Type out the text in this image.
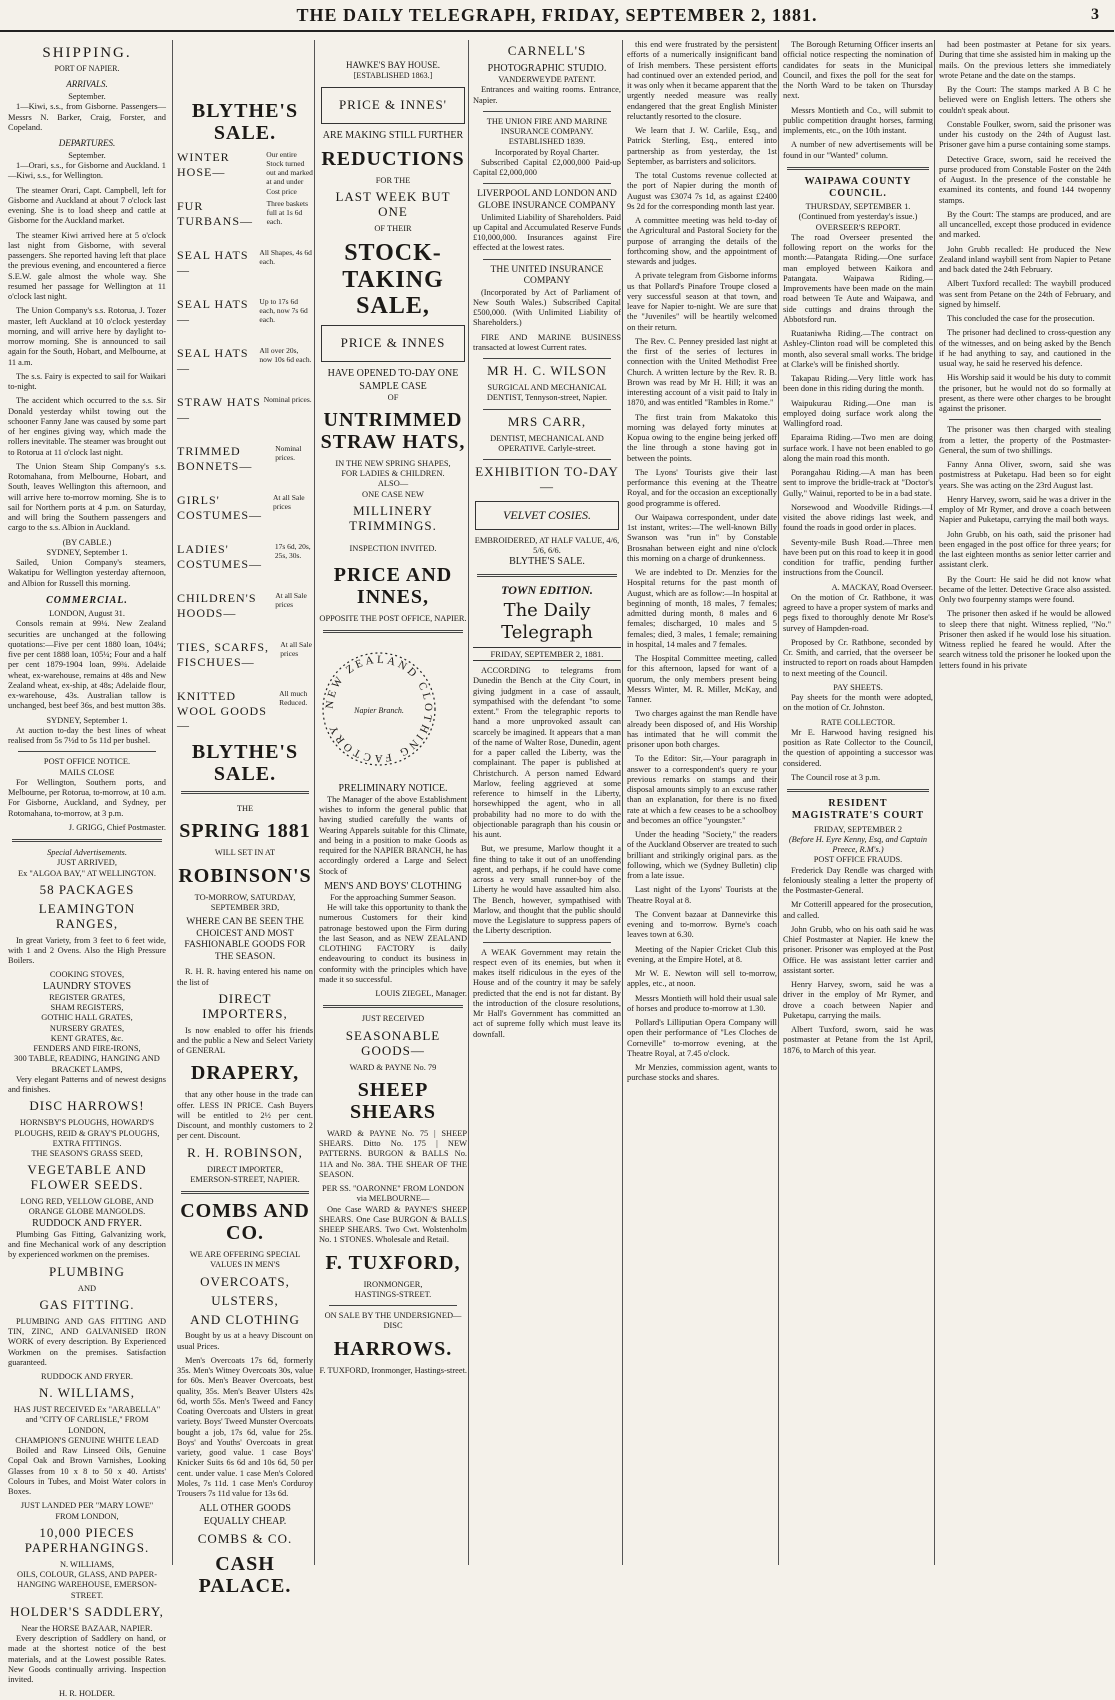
THE DAILY TELEGRAPH, FRIDAY, SEPTEMBER 2, 1881.	3
SHIPPING.
PORT OF NAPIER.
ARRIVALS.
September.

1—Kiwi, s.s., from Gisborne. Passengers—Messrs N. Barker, Craig, Forster, and Copeland.

DEPARTURES.
September.

1—Orari, s.s., for Gisborne and Auckland. 1—Kiwi, s.s., for Wellington.

The steamer Orari, Capt. Campbell, left for Gisborne and Auckland at about 7 o'clock last evening. She is to load sheep and cattle at Gisborne for the Auckland market.

The steamer Kiwi arrived here at 5 o'clock last night from Gisborne, with several passengers. She reported having left that place the previous evening, and encountered a fierce S.E.W. gale almost the whole way. She resumed her passage for Wellington at 11 o'clock last night.

The Union Company's s.s. Rotorua, J. Tozer master, left Auckland at 10 o'clock yesterday morning, and will arrive here by daylight to-morrow morning. She is announced to sail again for the South, Hobart, and Melbourne, at 11 a.m.

The s.s. Fairy is expected to sail for Waikari to-night.

The accident which occurred to the s.s. Sir Donald yesterday whilst towing out the schooner Fanny Jane was caused by some part of her engines giving way, which made the rollers inevitable. The steamer was brought out to Rotorua at 11 o'clock last night.

The Union Steam Ship Company's s.s. Rotomahana, from Melbourne, Hobart, and South, leaves Wellington this afternoon, and will arrive here to-morrow morning. She is to sail for Northern ports at 4 p.m. on Saturday, and will bring the Southern passengers and cargo to the s.s. Albion in Auckland.

(BY CABLE.)
SYDNEY, September 1.

Sailed, Union Company's steamers, Wakatipu for Wellington yesterday afternoon, and Albion for Russell this morning.

COMMERCIAL.
LONDON, August 31.

Consols remain at 99¼. New Zealand securities are unchanged at the following quotations:—Five per cent 1880 loan, 104¼; five per cent 1888 loan, 105¼; Four and a half per cent 1879-1904 loan, 99¾. Adelaide wheat, ex-warehouse, remains at 48s and New Zealand wheat, ex-ship, at 48s; Adelaide flour, ex-warehouse, 43s. Australian tallow is unchanged, best beef 36s, and best mutton 38s.

SYDNEY, September 1.

At auction to-day the best lines of wheat realised from 5s 7½d to 5s 11d per bushel.

POST OFFICE NOTICE.
MAILS CLOSE

For Wellington, Southern ports, and Melbourne, per Rotorua, to-morrow, at 10 a.m. For Gisborne, Auckland, and Sydney, per Rotomahana, to-morrow, at 3 p.m.

J. GRIGG, Chief Postmaster.
Special Advertisements.
JUST ARRIVED,
Ex "ALGOA BAY," AT WELLINGTON.
58 PACKAGES
LEAMINGTON RANGES,

In great Variety, from 3 feet to 6 feet wide, with 1 and 2 Ovens. Also the High Pressure Boilers.

COOKING STOVES,
LAUNDRY STOVES
REGISTER GRATES,
SHAM REGISTERS,
GOTHIC HALL GRATES,
NURSERY GRATES,
KENT GRATES, &c.
FENDERS AND FIRE-IRONS,
300 TABLE, READING, HANGING AND BRACKET LAMPS,

Very elegant Patterns and of newest designs and finishes.

DISC HARROWS!
HORNSBY'S PLOUGHS, HOWARD'S PLOUGHS, REID & GRAY'S PLOUGHS, EXTRA FITTINGS.
THE SEASON'S GRASS SEED,
VEGETABLE AND FLOWER SEEDS.
LONG RED, YELLOW GLOBE, AND ORANGE GLOBE MANGOLDS.
RUDDOCK AND FRYER.

Plumbing Gas Fitting, Galvanizing work, and fine Mechanical work of any description by experienced workmen on the premises.

PLUMBING
AND
GAS FITTING.

PLUMBING AND GAS FITTING AND TIN, ZINC, AND GALVANISED IRON WORK of every description. By Experienced Workmen on the premises. Satisfaction guaranteed.

RUDDOCK AND FRYER.
N. WILLIAMS,
HAS JUST RECEIVED Ex "ARABELLA" and "CITY OF CARLISLE," FROM LONDON,
CHAMPION'S GENUINE WHITE LEAD

Boiled and Raw Linseed Oils, Genuine Copal Oak and Brown Varnishes, Looking Glasses from 10 x 8 to 50 x 40. Artists' Colours in Tubes, and Moist Water colors in Boxes.

JUST LANDED PER "MARY LOWE" FROM LONDON,
10,000 PIECES PAPERHANGINGS.
N. WILLIAMS,
OILS, COLOUR, GLASS, AND PAPER-HANGING WAREHOUSE, EMERSON-STREET.
HOLDER'S SADDLERY,
Near the HORSE BAZAAR, NAPIER.

Every description of Saddlery on hand, or made at the shortest notice of the best materials, and at the Lowest possible Rates. New Goods continually arriving. Inspection invited.

H. R. HOLDER.
BLYTHE'S SALE.
WINTER HOSE—
Our entire Stock turned out and marked at and under Cost price
FUR TURBANS—
Three baskets full at 1s 6d each.
SEAL HATS—
All Shapes, 4s 6d each.
SEAL HATS—
Up to 17s 6d each, now 7s 6d each.
SEAL HATS—
All over 20s, now 10s 6d each.
STRAW HATS—
Nominal prices.
TRIMMED BONNETS—
Nominal prices.
GIRLS' COSTUMES—
At all Sale prices
LADIES' COSTUMES—
17s 6d, 20s, 25s, 30s.
CHILDREN'S HOODS—
At all Sale prices
TIES, SCARFS, FISCHUES—
At all Sale prices
KNITTED WOOL GOODS—
All much Reduced.
BLYTHE'S SALE.
THE
SPRING 1881
WILL SET IN AT
ROBINSON'S
TO-MORROW, SATURDAY, SEPTEMBER 3RD,
WHERE CAN BE SEEN THE CHOICEST AND MOST FASHIONABLE GOODS FOR THE SEASON.

R. H. R. having entered his name on the list of

DIRECT IMPORTERS,

Is now enabled to offer his friends and the public a New and Select Variety of GENERAL

DRAPERY,

that any other house in the trade can offer. LESS IN PRICE. Cash Buyers will be entitled to 2½ per cent. Discount, and monthly customers to 2 per cent. Discount.

R. H. ROBINSON,
DIRECT IMPORTER,
EMERSON-STREET, NAPIER.
COMBS AND CO.
WE ARE OFFERING SPECIAL VALUES IN MEN'S
OVERCOATS,
ULSTERS,
AND CLOTHING

Bought by us at a heavy Discount on usual Prices.

Men's Overcoats 17s 6d, formerly 35s. Men's Witney Overcoats 30s, value for 60s. Men's Beaver Overcoats, best quality, 35s. Men's Beaver Ulsters 42s 6d, worth 55s. Men's Tweed and Fancy Coating Overcoats and Ulsters in great variety. Boys' Tweed Munster Overcoats bought a job, 17s 6d, value for 25s. Boys' and Youths' Overcoats in great variety, good value. 1 case Boys' Knicker Suits 6s 6d and 10s 6d, 50 per cent. under value. 1 case Men's Colored Moles, 7s 11d. 1 case Men's Corduroy Trousers 7s 11d value for 13s 6d.

ALL OTHER GOODS EQUALLY CHEAP.
COMBS & CO.
CASH PALACE.
HAWKE'S BAY HOUSE.
[ESTABLISHED 1863.]
PRICE & INNES'
ARE MAKING STILL FURTHER
REDUCTIONS
FOR THE
LAST WEEK BUT ONE
OF THEIR
STOCK-TAKING SALE,
PRICE & INNES
HAVE OPENED TO-DAY ONE SAMPLE CASE
OF
UNTRIMMED STRAW HATS,
IN THE NEW SPRING SHAPES,
FOR LADIES & CHILDREN.
ALSO—
ONE CASE NEW
MILLINERY TRIMMINGS.
INSPECTION INVITED.
PRICE AND INNES,
OPPOSITE THE POST OFFICE, NAPIER.
NEW ZEALAND CLOTHING FACTORY
Napier Branch.
PRELIMINARY NOTICE.

The Manager of the above Establishment wishes to inform the general public that having studied carefully the wants of Wearing Apparels suitable for this Climate, and being in a position to make Goods as required for the NAPIER BRANCH, he has accordingly ordered a Large and Select Stock of

MEN'S AND BOYS' CLOTHING
For the approaching Summer Season.

He will take this opportunity to thank the numerous Customers for their kind patronage bestowed upon the Firm during the last Season, and as NEW ZEALAND CLOTHING FACTORY is daily endeavouring to conduct its business in conformity with the principles which have made it so successful.

LOUIS ZIEGEL, Manager.
JUST RECEIVED
SEASONABLE GOODS—
WARD & PAYNE No. 79
SHEEP SHEARS

WARD & PAYNE No. 75 | SHEEP SHEARS. Ditto No. 175 | NEW PATTERNS. BURGON & BALLS No. 11A and No. 38A. THE SHEAR OF THE SEASON.

PER SS. "OARONNE" FROM LONDON via MELBOURNE—

One Case WARD & PAYNE'S SHEEP SHEARS. One Case BURGON & BALLS SHEEP SHEARS. Two Cwt. Wolstenholm No. 1 STONES. Wholesale and Retail.

F. TUXFORD,
IRONMONGER,
HASTINGS-STREET.
ON SALE BY THE UNDERSIGNED—
DISC
HARROWS.
F. TUXFORD, Ironmonger, Hastings-street.
CARNELL'S
PHOTOGRAPHIC STUDIO.
VANDERWEYDE PATENT.

Entrances and waiting rooms. Entrance, Napier.

THE UNION FIRE AND MARINE INSURANCE COMPANY.
ESTABLISHED 1839.
Incorporated by Royal Charter.

Subscribed Capital £2,000,000 Paid-up Capital £2,000,000

LIVERPOOL AND LONDON AND GLOBE INSURANCE COMPANY

Unlimited Liability of Shareholders. Paid up Capital and Accumulated Reserve Funds £10,000,000. Insurances against Fire effected at the lowest rates.

THE UNITED INSURANCE COMPANY

(Incorporated by Act of Parliament of New South Wales.) Subscribed Capital £500,000. (With Unlimited Liability of Shareholders.)

FIRE AND MARINE BUSINESS transacted at lowest Current rates.

MR H. C. WILSON
SURGICAL AND MECHANICAL DENTIST, Tennyson-street, Napier.
MRS CARR,
DENTIST, MECHANICAL AND OPERATIVE. Carlyle-street.
EXHIBITION TO-DAY—
VELVET COSIES.
EMBROIDERED, AT HALF VALUE, 4/6, 5/6, 6/6.
BLYTHE'S SALE.
TOWN EDITION.
The Daily Telegraph
FRIDAY, SEPTEMBER 2, 1881.

ACCORDING to telegrams from Dunedin the Bench at the City Court, in giving judgment in a case of assault, sympathised with the defendant "to some extent." From the telegraphic reports to hand a more unprovoked assault can scarcely be imagined. It appears that a man of the name of Walter Rose, Dunedin, agent for a paper called the Liberty, was the complainant. The paper is published at Christchurch. A person named Edward Marlow, feeling aggrieved at some reference to himself in the Liberty, horsewhipped the agent, who in all probability had no more to do with the objectionable paragraph than his cousin or his aunt.

But, we presume, Marlow thought it a fine thing to take it out of an unoffending agent, and perhaps, if he could have come across a very small runner-boy of the Liberty he would have assaulted him also. The Bench, however, sympathised with Marlow, and thought that the public should move the Legislature to suppress papers of the Liberty description.

A WEAK Government may retain the respect even of its enemies, but when it makes itself ridiculous in the eyes of the House and of the country it may be safely predicted that the end is not far distant. By the introduction of the closure resolutions, Mr Hall's Government has committed an act of supreme folly which must leave its downfall.

this end were frustrated by the persistent efforts of a numerically insignificant band of Irish members. These persistent efforts had continued over an extended period, and it was only when it became apparent that the urgently needed measure was really endangered that the great English Minister reluctantly resorted to the closure.

We learn that J. W. Carlile, Esq., and Patrick Sterling, Esq., entered into partnership as from yesterday, the 1st September, as barristers and solicitors.

The total Customs revenue collected at the port of Napier during the month of August was £3074 7s 1d, as against £2400 9s 2d for the corresponding month last year.

A committee meeting was held to-day of the Agricultural and Pastoral Society for the purpose of arranging the details of the forthcoming show, and the appointment of stewards and judges.

A private telegram from Gisborne informs us that Pollard's Pinafore Troupe closed a very successful season at that town, and leave for Napier to-night. We are sure that the "Juveniles" will be heartily welcomed on their return.

The Rev. C. Penney presided last night at the first of the series of lectures in connection with the United Methodist Free Church. A written lecture by the Rev. R. B. Brown was read by Mr H. Hill; it was an interesting account of a visit paid to Italy in 1870, and was entitled "Rambles in Rome."

The first train from Makatoko this morning was delayed forty minutes at Kopua owing to the engine being jerked off the line through a stone having got in between the points.

The Lyons' Tourists give their last performance this evening at the Theatre Royal, and for the occasion an exceptionally good programme is offered.

Our Waipawa correspondent, under date 1st instant, writes:—The well-known Billy Swanson was "run in" by Constable Brosnahan between eight and nine o'clock this morning on a charge of drunkenness.

We are indebted to Dr. Menzies for the Hospital returns for the past month of August, which are as follow:—In hospital at beginning of month, 18 males, 7 females; admitted during month, 8 males and 6 females; discharged, 10 males and 5 females; died, 3 males, 1 female; remaining in hospital, 14 males and 7 females.

The Hospital Committee meeting, called for this afternoon, lapsed for want of a quorum, the only members present being Messrs Winter, M. R. Miller, McKay, and Tanner.

Two charges against the man Rendle have already been disposed of, and His Worship has intimated that he will commit the prisoner upon both charges.

To the Editor: Sir,—Your paragraph in answer to a correspondent's query re your previous remarks on stamps and their disposal amounts simply to an excuse rather than an explanation, for there is no fixed rate at which a few ceases to be a schoolboy and becomes an office "youngster."

Under the heading "Society," the readers of the Auckland Observer are treated to such brilliant and strikingly original pars. as the following, which we (Sydney Bulletin) clip from a late issue.

Last night of the Lyons' Tourists at the Theatre Royal at 8.

The Convent bazaar at Dannevirke this evening and to-morrow. Byrne's coach leaves town at 6.30.

Meeting of the Napier Cricket Club this evening, at the Empire Hotel, at 8.

Mr W. E. Newton will sell to-morrow, apples, etc., at noon.

Messrs Montieth will hold their usual sale of horses and produce to-morrow at 1.30.

Pollard's Lilliputian Opera Company will open their performance of "Les Cloches de Corneville" to-morrow evening, at the Theatre Royal, at 7.45 o'clock.

Mr Menzies, commission agent, wants to purchase stocks and shares.

The Borough Returning Officer inserts an official notice respecting the nomination of candidates for seats in the Municipal Council, and fixes the poll for the seat for the North Ward to be taken on Thursday next.

Messrs Montieth and Co., will submit to public competition draught horses, farming implements, etc., on the 10th instant.

A number of new advertisements will be found in our "Wanted" column.

WAIPAWA COUNTY COUNCIL.
THURSDAY, SEPTEMBER 1.
(Continued from yesterday's issue.)
OVERSEER'S REPORT.

The road Overseer presented the following report on the works for the month:—Patangata Riding.—One surface man employed between Kaikora and Patangata. Waipawa Riding.—Improvements have been made on the main road between Te Aute and Waipawa, and side cuttings and drains through the Abbotsford run.

Ruataniwha Riding.—The contract on Ashley-Clinton road will be completed this month, also several small works. The bridge at Clarke's will be finished shortly.

Takapau Riding.—Very little work has been done in this riding during the month.

Waipukurau Riding.—One man is employed doing surface work along the Wallingford road.

Eparaima Riding.—Two men are doing surface work. I have not been enabled to go along the main road this month.

Porangahau Riding.—A man has been sent to improve the bridle-track at "Doctor's Gully," Wainui, reported to be in a bad state.

Norsewood and Woodville Ridings.—I visited the above ridings last week, and found the roads in good order in places.

Seventy-mile Bush Road.—Three men have been put on this road to keep it in good condition for traffic, pending further instructions from the Council.

A. MACKAY, Road Overseer.

On the motion of Cr. Rathbone, it was agreed to have a proper system of marks and pegs fixed to thoroughly denote Mr Rose's survey of Hampden-road.

Proposed by Cr. Rathbone, seconded by Cr. Smith, and carried, that the overseer be instructed to report on roads about Hampden to next meeting of the Council.

PAY SHEETS.

Pay sheets for the month were adopted, on the motion of Cr. Johnston.

RATE COLLECTOR.

Mr E. Harwood having resigned his position as Rate Collector to the Council, the question of appointing a successor was considered.

The Council rose at 3 p.m.

RESIDENT MAGISTRATE'S COURT
FRIDAY, SEPTEMBER 2
(Before H. Eyre Kenny, Esq, and Captain Preece, R.M's.)
POST OFFICE FRAUDS.

Frederick Day Rendle was charged with feloniously stealing a letter the property of the Postmaster-General.

Mr Cotterill appeared for the prosecution, and called.

John Grubb, who on his oath said he was Chief Postmaster at Napier. He knew the prisoner. Prisoner was employed at the Post Office. He was assistant letter carrier and assistant sorter.

Henry Harvey, sworn, said he was a driver in the employ of Mr Rymer, and drove a coach between Napier and Puketapu, carrying the mails.

Albert Tuxford, sworn, said he was postmaster at Petane from the 1st April, 1876, to March of this year.

had been postmaster at Petane for six years. During that time she assisted him in making up the mails. On the previous letters she immediately wrote Petane and the date on the stamps.

By the Court: The stamps marked A B C he believed were on English letters. The others she couldn't speak about.

Constable Foulker, sworn, said the prisoner was under his custody on the 24th of August last. Prisoner gave him a purse containing some stamps.

Detective Grace, sworn, said he received the purse produced from Constable Foster on the 24th of August. In the presence of the constable he examined its contents, and found 144 twopenny stamps.

By the Court: The stamps are produced, and are all uncancelled, except those produced in evidence and marked.

John Grubb recalled: He produced the New Zealand inland waybill sent from Napier to Petane and back dated the 24th February.

Albert Tuxford recalled: The waybill produced was sent from Petane on the 24th of February, and signed by himself.

This concluded the case for the prosecution.

The prisoner had declined to cross-question any of the witnesses, and on being asked by the Bench if he had anything to say, and cautioned in the usual way, he said he reserved his defence.

His Worship said it would be his duty to commit the prisoner, but he would not do so formally at present, as there were other charges to be brought against the prisoner.

The prisoner was then charged with stealing from a letter, the property of the Postmaster-General, the sum of two shillings.

Fanny Anna Oliver, sworn, said she was postmistress at Puketapu. Had been so for eight years. She was acting on the 23rd August last.

Henry Harvey, sworn, said he was a driver in the employ of Mr Rymer, and drove a coach between Napier and Puketapu, carrying the mail both ways.

John Grubb, on his oath, said the prisoner had been engaged in the post office for three years; for the last eighteen months as senior letter carrier and assistant clerk.

By the Court: He said he did not know what became of the letter. Detective Grace also assisted. Only two fourpenny stamps were found.

The prisoner then asked if he would be allowed to sleep there that night. Witness replied, "No." Prisoner then asked if he would lose his situation. Witness replied he feared he would. After the search witness told the prisoner he looked upon the letters found in his private
